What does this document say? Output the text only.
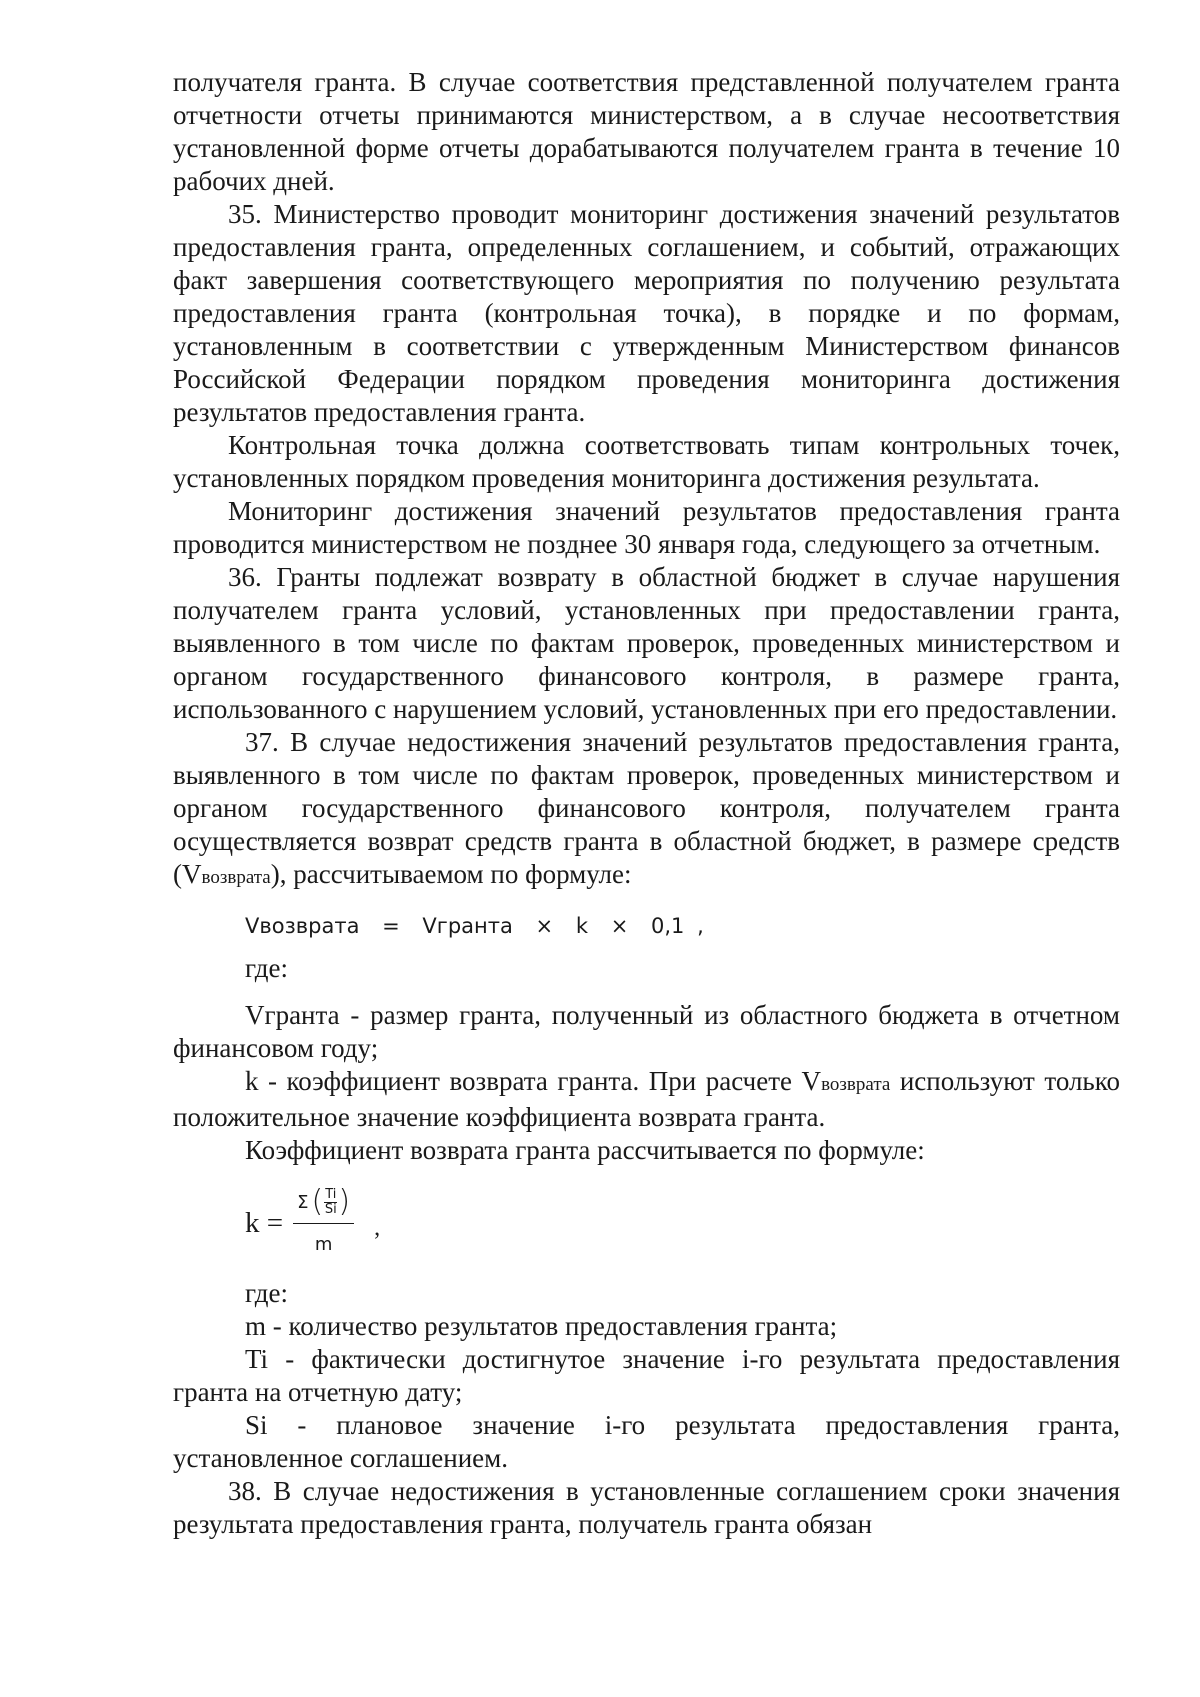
получателя гранта. В случае соответствия представленной получателем гранта отчетности отчеты принимаются министерством, а в случае несоответствия установленной форме отчеты дорабатываются получателем гранта в течение 10 рабочих дней.

35. Министерство проводит мониторинг достижения значений результатов предоставления гранта, определенных соглашением, и событий, отражающих факт завершения соответствующего мероприятия по получению результата предоставления гранта (контрольная точка), в порядке и по формам, установленным в соответствии с утвержденным Министерством финансов Российской Федерации порядком проведения мониторинга достижения результатов предоставления гранта.

Контрольная точка должна соответствовать типам контрольных точек, установленных порядком проведения мониторинга достижения результата.

Мониторинг достижения значений результатов предоставления гранта проводится министерством не позднее 30 января года, следующего за отчетным.

36. Гранты подлежат возврату в областной бюджет в случае нарушения получателем гранта условий, установленных при предоставлении гранта, выявленного в том числе по фактам проверок, проведенных министерством и органом государственного финансового контроля, в размере гранта, использованного с нарушением условий, установленных при его предоставлении.

37. В случае недостижения значений результатов предоставления гранта, выявленного в том числе по фактам проверок, проведенных министерством и органом государственного финансового контроля, получателем гранта осуществляется возврат средств гранта в областной бюджет, в размере средств (Vвозврата), рассчитываемом по формуле:

Vвозврата = Vгранта × k × 0,1 ,

где:

Vгранта - размер гранта, полученный из областного бюджета в отчетном финансовом году;

k - коэффициент возврата гранта. При расчете Vвозврата используют только положительное значение коэффициента возврата гранта.

Коэффициент возврата гранта рассчитывается по формуле:

k =
Σ ( $\frac{Ti}{Si}$ )
m
,

где:

m - количество результатов предоставления гранта;

Ti - фактически достигнутое значение i-го результата предоставления гранта на отчетную дату;

Si - плановое значение i-го результата предоставления гранта, установленное соглашением.

38. В случае недостижения в установленные соглашением сроки значения результата предоставления гранта, получатель гранта обязан
